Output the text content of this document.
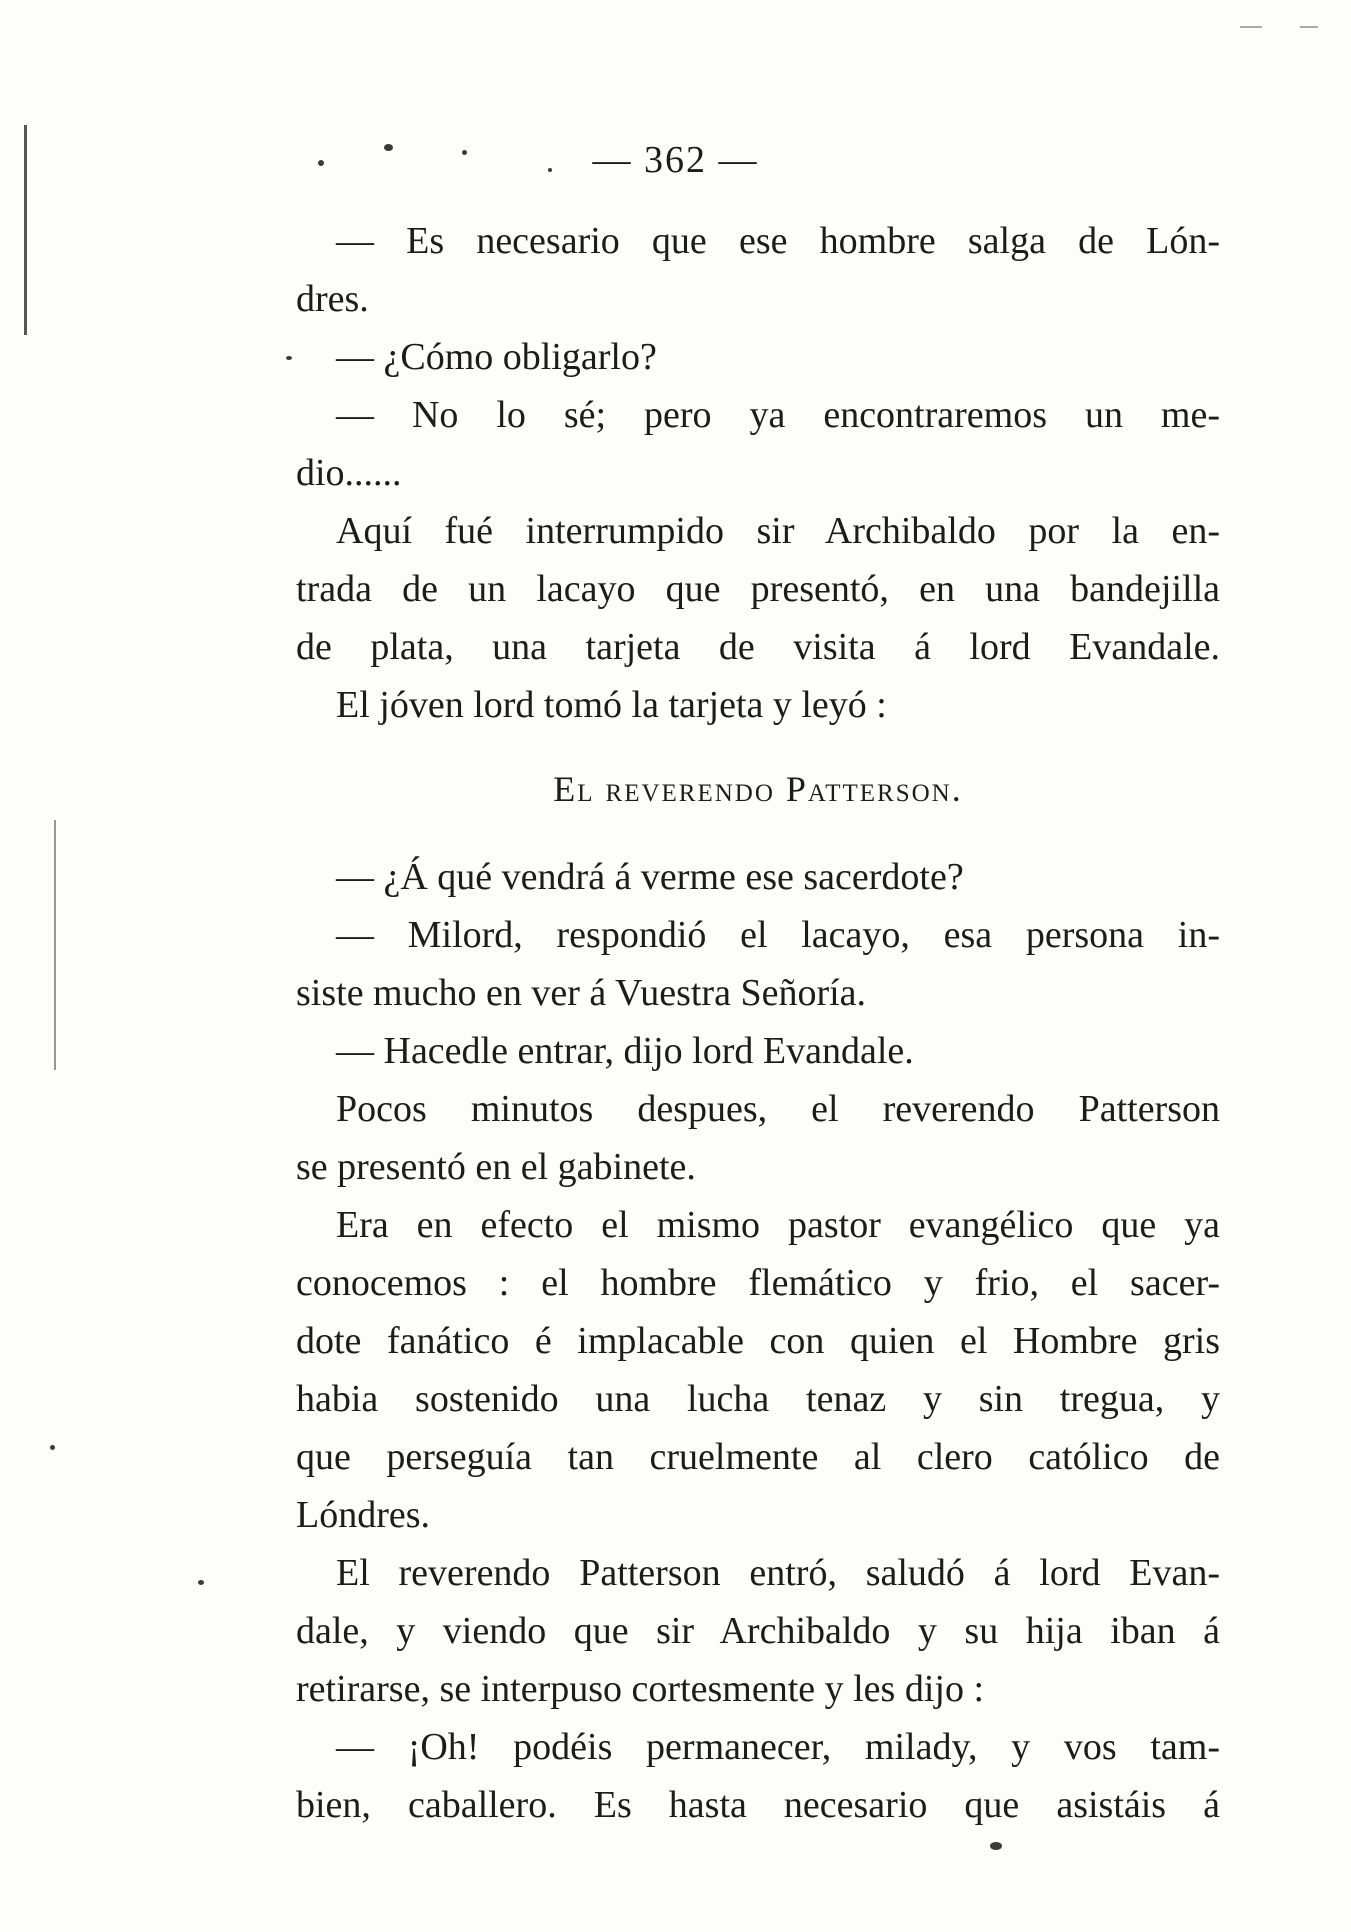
— 362 —
— Es necesario que ese hombre salga de Lón-
dres.
— ¿Cómo obligarlo?
— No lo sé; pero ya encontraremos un me-
dio......
Aquí fué interrumpido sir Archibaldo por la en-
trada de un lacayo que presentó, en una bandejilla
de plata, una tarjeta de visita á lord Evandale.
El jóven lord tomó la tarjeta y leyó :
El reverendo Patterson.
— ¿Á qué vendrá á verme ese sacerdote?
— Milord, respondió el lacayo, esa persona in-
siste mucho en ver á Vuestra Señoría.
— Hacedle entrar, dijo lord Evandale.
Pocos minutos despues, el reverendo Patterson
se presentó en el gabinete.
Era en efecto el mismo pastor evangélico que ya
conocemos : el hombre flemático y frio, el sacer-
dote fanático é implacable con quien el Hombre gris
habia sostenido una lucha tenaz y sin tregua, y
que perseguía tan cruelmente al clero católico de
Lóndres.
El reverendo Patterson entró, saludó á lord Evan-
dale, y viendo que sir Archibaldo y su hija iban á
retirarse, se interpuso cortesmente y les dijo :
— ¡Oh! podéis permanecer, milady, y vos tam-
bien, caballero. Es hasta necesario que asistáis á
